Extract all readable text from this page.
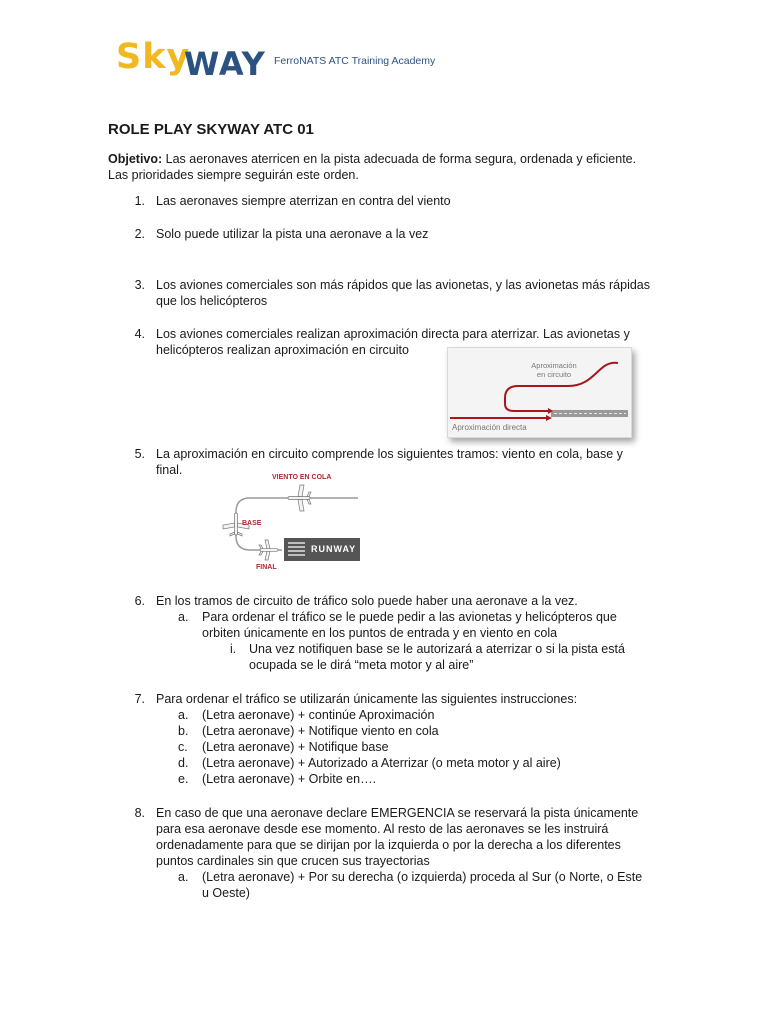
Sky
WAY FerroNATS ATC Training Academy
ROLE PLAY SKYWAY ATC 01
Objetivo: Las aeronaves aterricen en la pista adecuada de forma segura, ordenada y eficiente.
Las prioridades siempre seguirán este orden.
1. Las aeronaves siempre aterrizan en contra del viento
2. Solo puede utilizar la pista una aeronave a la vez
3. Los aviones comerciales son más rápidos que las avionetas, y las avionetas más rápidas
que los helicópteros
4. Los aviones comerciales realizan aproximación directa para aterrizar. Las avionetas y
helicópteros realizan aproximación en circuito
Aproximación
en circuito
Aproximación directa
5. La aproximación en circuito comprende los siguientes tramos: viento en cola, base y
final.
VIENTO EN COLA
BASE
FINAL
RUNWAY
6. En los tramos de circuito de tráfico solo puede haber una aeronave a la vez.
a. Para ordenar el tráfico se le puede pedir a las avionetas y helicópteros que
orbiten únicamente en los puntos de entrada y en viento en cola
i. Una vez notifiquen base se le autorizará a aterrizar o si la pista está
ocupada se le dirá “meta motor y al aire”
7. Para ordenar el tráfico se utilizarán únicamente las siguientes instrucciones:
a. (Letra aeronave) + continúe Aproximación
b. (Letra aeronave) + Notifique viento en cola
c. (Letra aeronave) + Notifique base
d. (Letra aeronave) + Autorizado a Aterrizar (o meta motor y al aire)
e. (Letra aeronave) + Orbite en….
8. En caso de que una aeronave declare EMERGENCIA se reservará la pista únicamente
para esa aeronave desde ese momento. Al resto de las aeronaves se les instruirá
ordenadamente para que se dirijan por la izquierda o por la derecha a los diferentes
puntos cardinales sin que crucen sus trayectorias
a. (Letra aeronave) + Por su derecha (o izquierda) proceda al Sur (o Norte, o Este
u Oeste)
